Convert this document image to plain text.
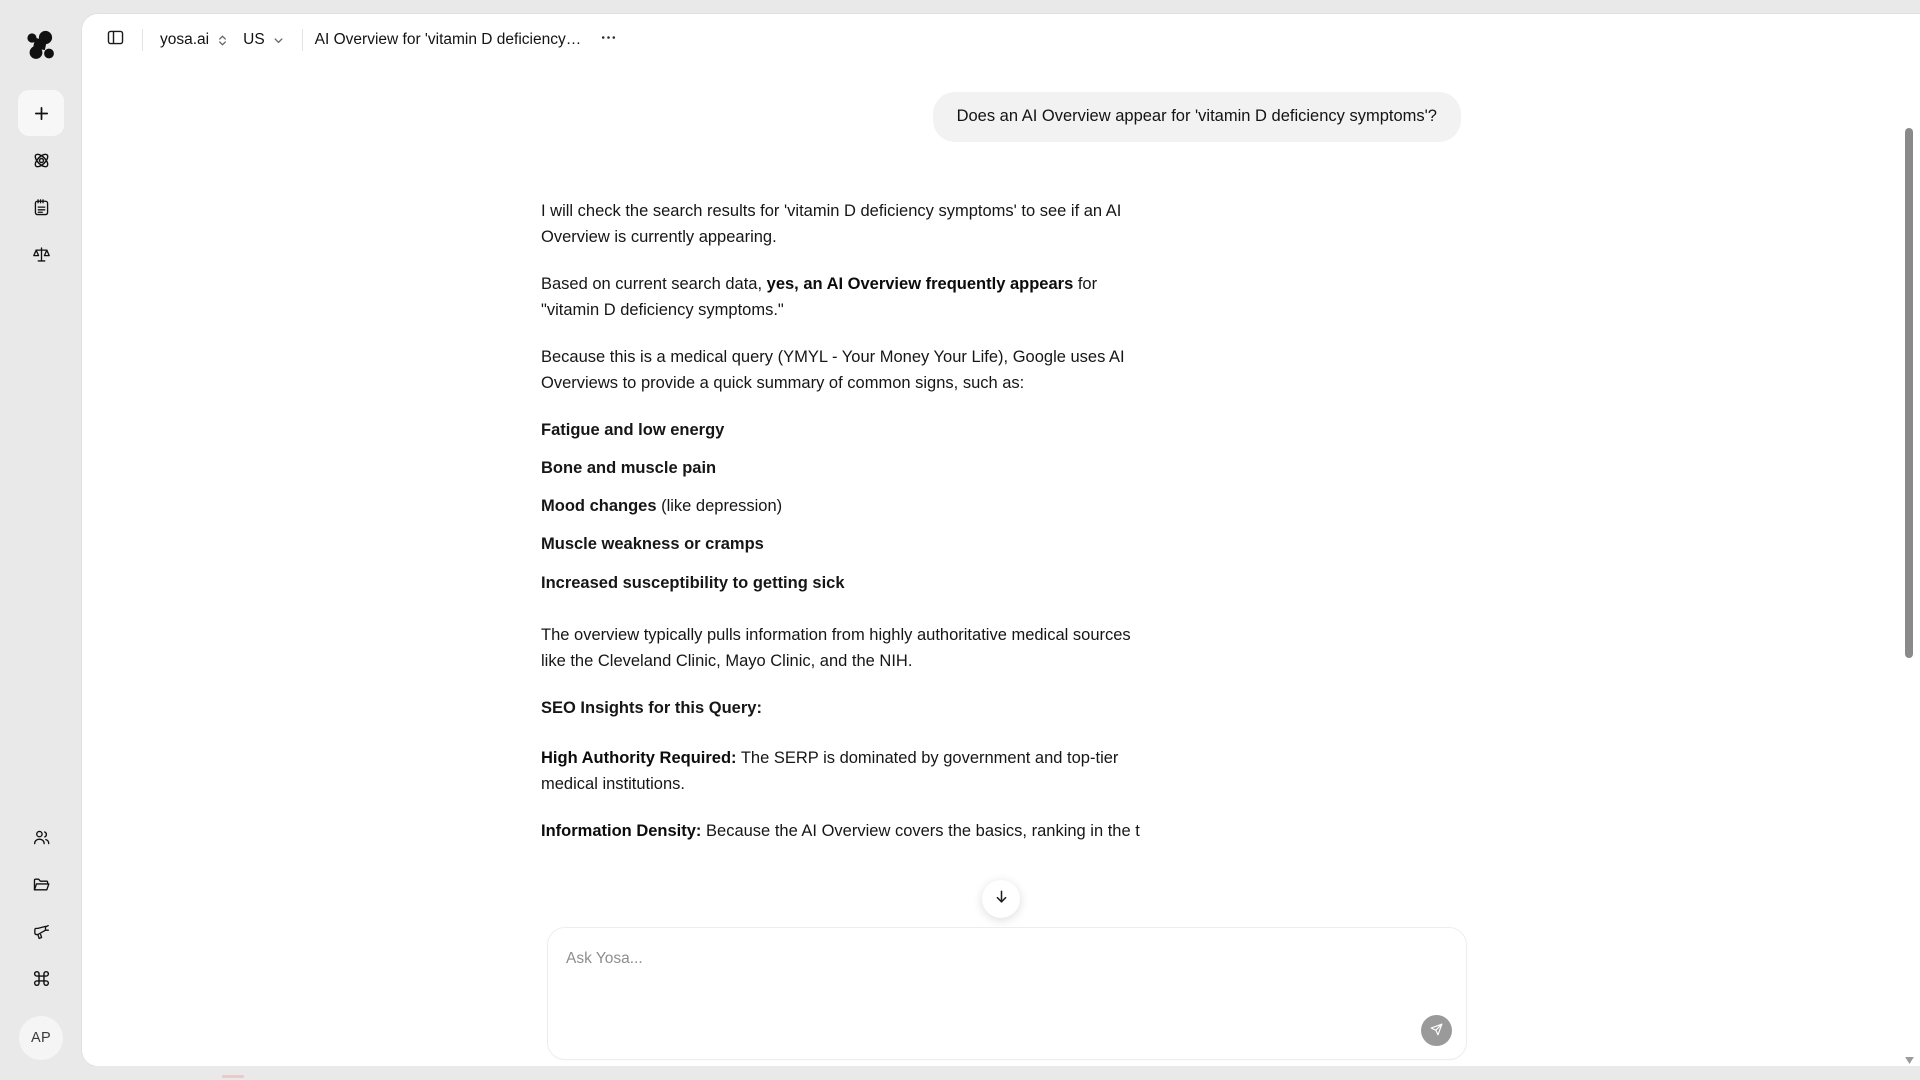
AP
yosa.ai US	AI Overview for 'vitamin D deficiency…
Does an AI Overview appear for 'vitamin D deficiency symptoms'?

I will check the search results for 'vitamin D deficiency symptoms' to see if an AI Overview is currently appearing.

Based on current search data, yes, an AI Overview frequently appears for "vitamin D deficiency symptoms."

Because this is a medical query (YMYL - Your Money Your Life), Google uses AI Overviews to provide a quick summary of common signs, such as:

Fatigue and low energy

Bone and muscle pain

Mood changes (like depression)

Muscle weakness or cramps

Increased susceptibility to getting sick

The overview typically pulls information from highly authoritative medical sources like the Cleveland Clinic, Mayo Clinic, and the NIH.

SEO Insights for this Query:

High Authority Required: The SERP is dominated by government and top-tier medical institutions.

Information Density: Because the AI Overview covers the basics, ranking in the t

Ask Yosa...
